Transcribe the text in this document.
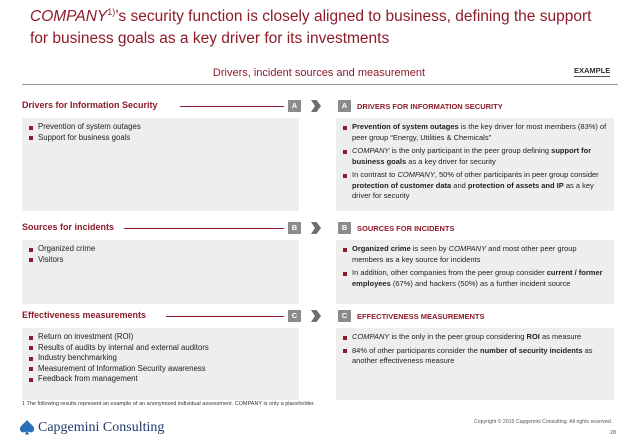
COMPANY$^{1)}$’s security function is closely aligned to business, defining the support for business goals as a key driver for its investments
Drivers, incident sources and measurement	EXAMPLE
Drivers for Information Security	A	A	DRIVERS FOR INFORMATION SECURITY
Prevention of system outages
Support for business goals
Prevention of system outages is the key driver for most members (83%) of peer group “Energy, Utilities & Chemicals”
COMPANY is the only participant in the peer group defining support for business goals as a key driver for security
In contrast to COMPANY, 50% of other participants in peer group consider protection of customer data and protection of assets and IP as a key driver for security
Sources for incidents	B	B	SOURCES FOR INCIDENTS
Organized crime
Visitors
Organized crime is seen by COMPANY and most other peer group members as a key source for incidents
In addition, other companies from the peer group consider current / former employees (67%) and hackers (50%) as a further incident source
Effectiveness measurements	C	C	EFFECTIVENESS MEASUREMENTS
Return on investment (ROI)
Results of audits by internal and external auditors
Industry benchmarking
Measurement of Information Security awareness
Feedback from management
COMPANY is the only in the peer group considering ROI as measure
84% of other participants consider the number of security incidents as another effectiveness measure
1 The following results represent an example of an anonymized individual assessment. COMPANY is only a placeholder.
Capgemini Consulting	Copyright © 2015 Capgemini Consulting. All rights reserved.
28
